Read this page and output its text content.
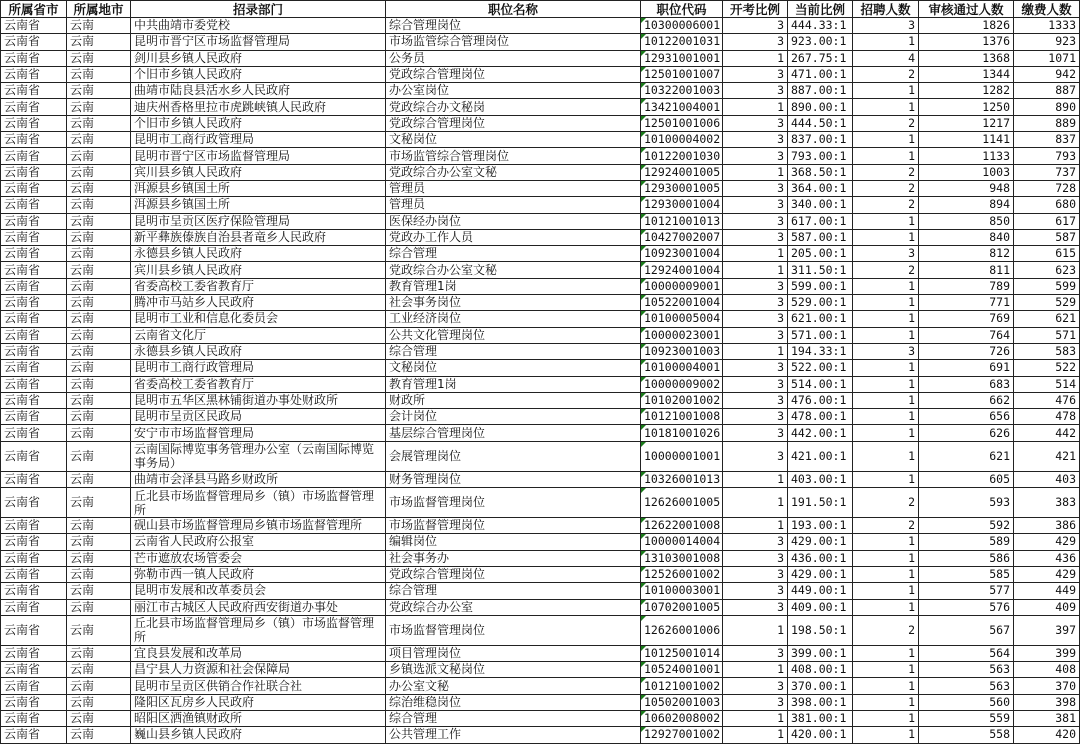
所属省市	所属地市	招录部门	职位名称	职位代码	开考比例	当前比例	招聘人数	审核通过人数	缴费人数
云南省	云南	中共曲靖市委党校	综合管理岗位	10300006001	3	444.33:1	3	1826	1333
云南省	云南	昆明市晋宁区市场监督管理局	市场监管综合管理岗位	10122001031	3	923.00:1	1	1376	923
云南省	云南	剑川县乡镇人民政府	公务员	12931001001	1	267.75:1	4	1368	1071
云南省	云南	个旧市乡镇人民政府	党政综合管理岗位	12501001007	3	471.00:1	2	1344	942
云南省	云南	曲靖市陆良县活水乡人民政府	办公室岗位	10322001003	3	887.00:1	1	1282	887
云南省	云南	迪庆州香格里拉市虎跳峡镇人民政府	党政综合办文秘岗	13421004001	1	890.00:1	1	1250	890
云南省	云南	个旧市乡镇人民政府	党政综合管理岗位	12501001006	3	444.50:1	2	1217	889
云南省	云南	昆明市工商行政管理局	文秘岗位	10100004002	3	837.00:1	1	1141	837
云南省	云南	昆明市晋宁区市场监督管理局	市场监管综合管理岗位	10122001030	3	793.00:1	1	1133	793
云南省	云南	宾川县乡镇人民政府	党政综合办公室文秘	12924001005	1	368.50:1	2	1003	737
云南省	云南	洱源县乡镇国土所	管理员	12930001005	3	364.00:1	2	948	728
云南省	云南	洱源县乡镇国土所	管理员	12930001004	3	340.00:1	2	894	680
云南省	云南	昆明市呈贡区医疗保险管理局	医保经办岗位	10121001013	3	617.00:1	1	850	617
云南省	云南	新平彝族傣族自治县者竜乡人民政府	党政办工作人员	10427002007	3	587.00:1	1	840	587
云南省	云南	永德县乡镇人民政府	综合管理	10923001004	1	205.00:1	3	812	615
云南省	云南	宾川县乡镇人民政府	党政综合办公室文秘	12924001004	1	311.50:1	2	811	623
云南省	云南	省委高校工委省教育厅	教育管理1岗	10000009001	3	599.00:1	1	789	599
云南省	云南	腾冲市马站乡人民政府	社会事务岗位	10522001004	3	529.00:1	1	771	529
云南省	云南	昆明市工业和信息化委员会	工业经济岗位	10100005004	3	621.00:1	1	769	621
云南省	云南	云南省文化厅	公共文化管理岗位	10000023001	3	571.00:1	1	764	571
云南省	云南	永德县乡镇人民政府	综合管理	10923001003	1	194.33:1	3	726	583
云南省	云南	昆明市工商行政管理局	文秘岗位	10100004001	3	522.00:1	1	691	522
云南省	云南	省委高校工委省教育厅	教育管理1岗	10000009002	3	514.00:1	1	683	514
云南省	云南	昆明市五华区黑林铺街道办事处财政所	财政所	10102001002	3	476.00:1	1	662	476
云南省	云南	昆明市呈贡区民政局	会计岗位	10121001008	3	478.00:1	1	656	478
云南省	云南	安宁市市场监督管理局	基层综合管理岗位	10181001026	3	442.00:1	1	626	442
云南省	云南	云南国际博览事务管理办公室（云南国际博览事务局）	会展管理岗位	10000001001	3	421.00:1	1	621	421
云南省	云南	曲靖市会泽县马路乡财政所	财务管理岗位	10326001013	1	403.00:1	1	605	403
云南省	云南	丘北县市场监督管理局乡（镇）市场监督管理所	市场监督管理岗位	12626001005	1	191.50:1	2	593	383
云南省	云南	砚山县市场监督管理局乡镇市场监督管理所	市场监督管理岗位	12622001008	1	193.00:1	2	592	386
云南省	云南	云南省人民政府公报室	编辑岗位	10000014004	3	429.00:1	1	589	429
云南省	云南	芒市遮放农场管委会	社会事务办	13103001008	3	436.00:1	1	586	436
云南省	云南	弥勒市西一镇人民政府	党政综合管理岗位	12526001002	3	429.00:1	1	585	429
云南省	云南	昆明市发展和改革委员会	综合管理	10100003001	3	449.00:1	1	577	449
云南省	云南	丽江市古城区人民政府西安街道办事处	党政综合办公室	10702001005	3	409.00:1	1	576	409
云南省	云南	丘北县市场监督管理局乡（镇）市场监督管理所	市场监督管理岗位	12626001006	1	198.50:1	2	567	397
云南省	云南	宜良县发展和改革局	项目管理岗位	10125001014	3	399.00:1	1	564	399
云南省	云南	昌宁县人力资源和社会保障局	乡镇选派文秘岗位	10524001001	1	408.00:1	1	563	408
云南省	云南	昆明市呈贡区供销合作社联合社	办公室文秘	10121001002	3	370.00:1	1	563	370
云南省	云南	隆阳区瓦房乡人民政府	综治维稳岗位	10502001003	3	398.00:1	1	560	398
云南省	云南	昭阳区洒渔镇财政所	综合管理	10602008002	1	381.00:1	1	559	381
云南省	云南	巍山县乡镇人民政府	公共管理工作	12927001002	1	420.00:1	1	558	420
